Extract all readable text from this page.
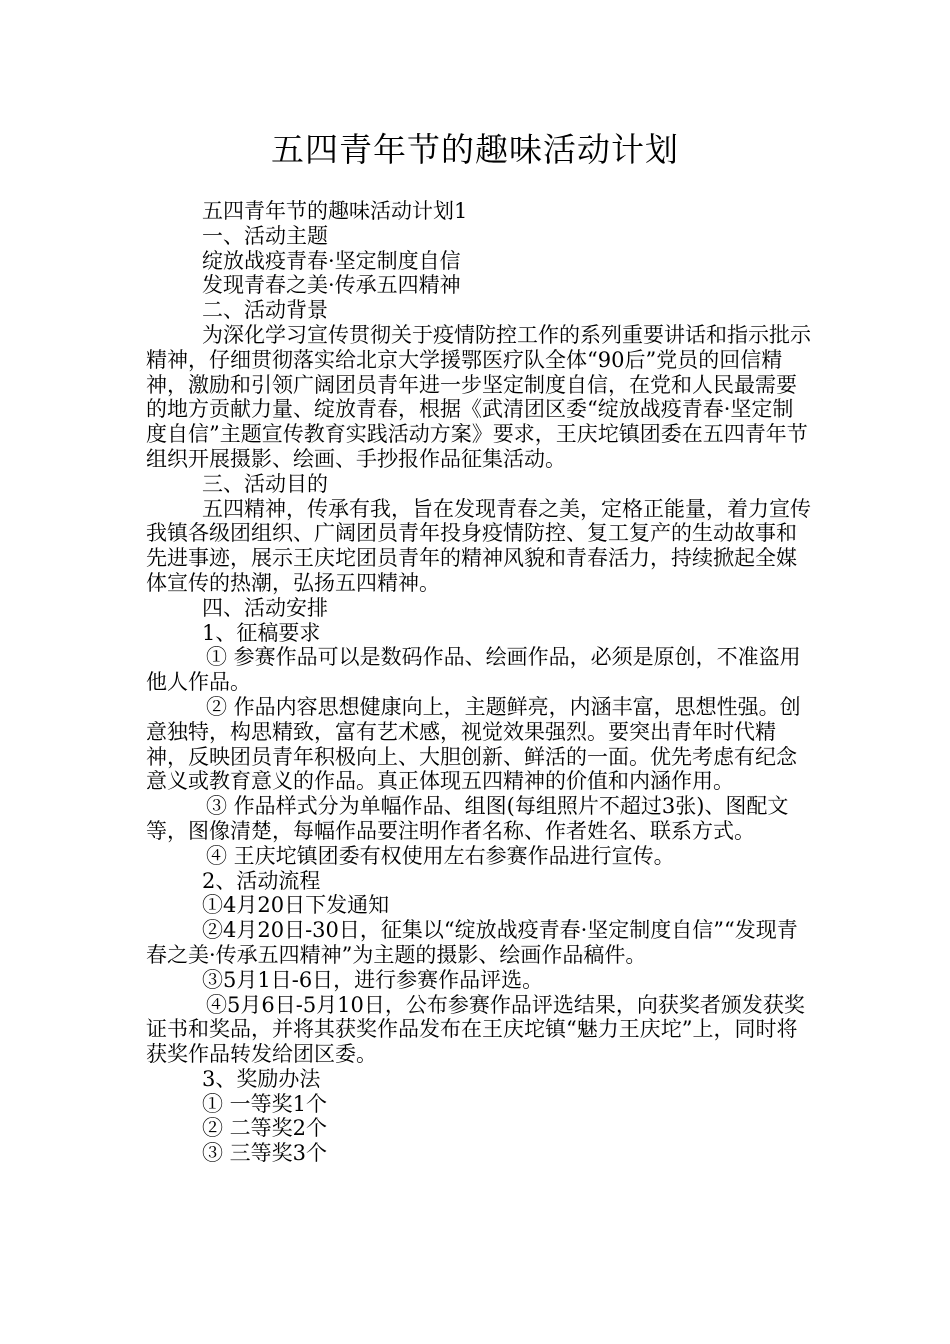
五四青年节的趣味活动计划

五四青年节的趣味活动计划1

一、活动主题

绽放战疫青春·坚定制度自信

发现青春之美·传承五四精神

二、活动背景

为深化学习宣传贯彻关于疫情防控工作的系列重要讲话和指示批示精神，仔细贯彻落实给北京大学援鄂医疗队全体“90后”党员的回信精神，激励和引领广阔团员青年进一步坚定制度自信，在党和人民最需要的地方贡献力量、绽放青春，根据《武清团区委“绽放战疫青春·坚定制度自信”主题宣传教育实践活动方案》要求，王庆坨镇团委在五四青年节组织开展摄影、绘画、手抄报作品征集活动。

三、活动目的

五四精神，传承有我，旨在发现青春之美，定格正能量，着力宣传我镇各级团组织、广阔团员青年投身疫情防控、复工复产的生动故事和先进事迹，展示王庆坨团员青年的精神风貌和青春活力，持续掀起全媒体宣传的热潮，弘扬五四精神。

四、活动安排

1、征稿要求

① 参赛作品可以是数码作品、绘画作品，必须是原创，不准盗用他人作品。

② 作品内容思想健康向上，主题鲜亮，内涵丰富，思想性强。创意独特，构思精致，富有艺术感，视觉效果强烈。要突出青年时代精神，反映团员青年积极向上、大胆创新、鲜活的一面。优先考虑有纪念意义或教育意义的作品。真正体现五四精神的价值和内涵作用。

③ 作品样式分为单幅作品、组图(每组照片不超过3张)、图配文等，图像清楚，每幅作品要注明作者名称、作者姓名、联系方式。

④ 王庆坨镇团委有权使用左右参赛作品进行宣传。

2、活动流程

①4月20日下发通知

②4月20日-30日，征集以“绽放战疫青春·坚定制度自信”“发现青春之美·传承五四精神”为主题的摄影、绘画作品稿件。

③5月1日-6日，进行参赛作品评选。

④5月6日-5月10日，公布参赛作品评选结果，向获奖者颁发获奖证书和奖品，并将其获奖作品发布在王庆坨镇“魅力王庆坨”上，同时将获奖作品转发给团区委。

3、奖励办法

① 一等奖1个

② 二等奖2个

③ 三等奖3个
